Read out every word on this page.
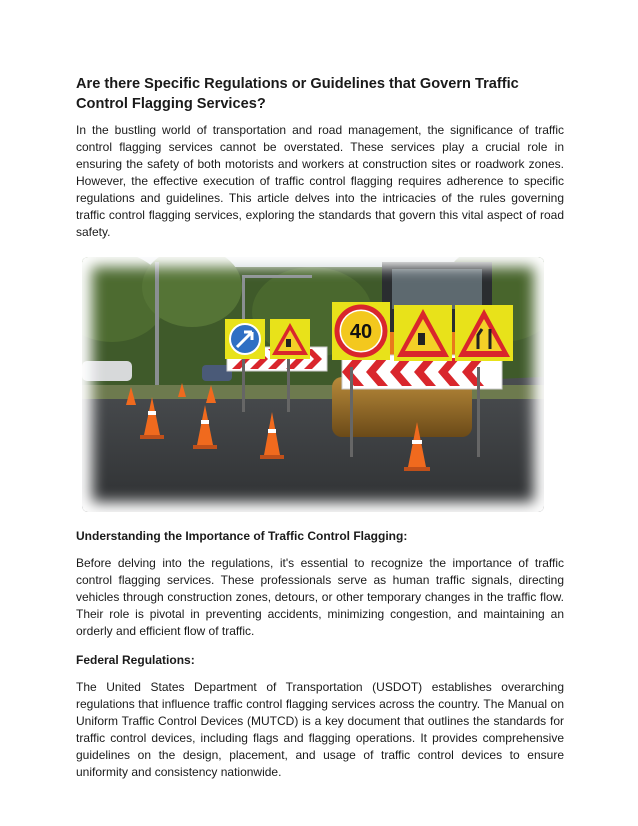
Are there Specific Regulations or Guidelines that Govern Traffic Control Flagging Services?

In the bustling world of transportation and road management, the significance of traffic control flagging services cannot be overstated. These services play a crucial role in ensuring the safety of both motorists and workers at construction sites or roadwork zones. However, the effective execution of traffic control flagging requires adherence to specific regulations and guidelines. This article delves into the intricacies of the rules governing traffic control flagging services, exploring the standards that govern this vital aspect of road safety.

40
Understanding the Importance of Traffic Control Flagging:

Before delving into the regulations, it's essential to recognize the importance of traffic control flagging services. These professionals serve as human traffic signals, directing vehicles through construction zones, detours, or other temporary changes in the traffic flow. Their role is pivotal in preventing accidents, minimizing congestion, and maintaining an orderly and efficient flow of traffic.

Federal Regulations:

The United States Department of Transportation (USDOT) establishes overarching regulations that influence traffic control flagging services across the country. The Manual on Uniform Traffic Control Devices (MUTCD) is a key document that outlines the standards for traffic control devices, including flags and flagging operations. It provides comprehensive guidelines on the design, placement, and usage of traffic control devices to ensure uniformity and consistency nationwide.
